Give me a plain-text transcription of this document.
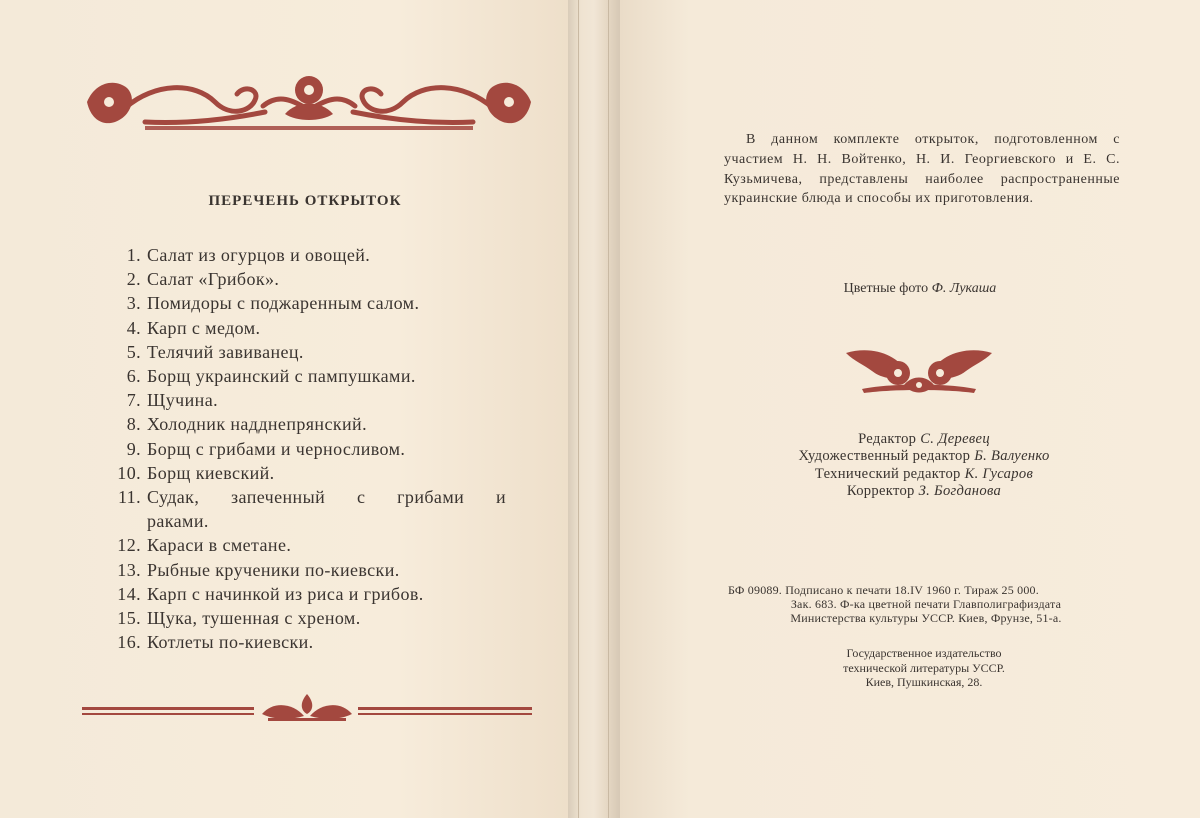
ПЕРЕЧЕНЬ ОТКРЫТОК
1. Салат из огурцов и овощей.
2. Салат «Грибок».
3. Помидоры с поджаренным салом.
4. Карп с медом.
5. Телячий завиванец.
6. Борщ украинский с пампушками.
7. Щучина.
8. Холодник надднепрянский.
9. Борщ с грибами и черносливом.
10. Борщ киевский.
11. Судак, запеченный с грибами и
раками.
12. Караси в сметане.
13. Рыбные крученики по-киевски.
14. Карп с начинкой из риса и грибов.
15. Щука, тушенная с хреном.
16. Котлеты по-киевски.

В данном комплекте открыток, подготовленном с участием Н. Н. Войтенко, Н. И. Георгиевского и Е. С. Кузьмичева, представлены наиболее распространенные украинские блюда и способы их приготовления.

Цветные фото Ф. Лукаша
Редактор С. Деревец
Художественный редактор Б. Валуенко
Технический редактор К. Гусаров
Корректор З. Богданова
БФ 09089. Подписано к печати 18.IV 1960 г. Тираж 25 000.
Зак. 683. Ф-ка цветной печати Главполиграфиздата
Министерства культуры УССР. Киев, Фрунзе, 51-а.
Государственное издательство
технической литературы УССР.
Киев, Пушкинская, 28.
